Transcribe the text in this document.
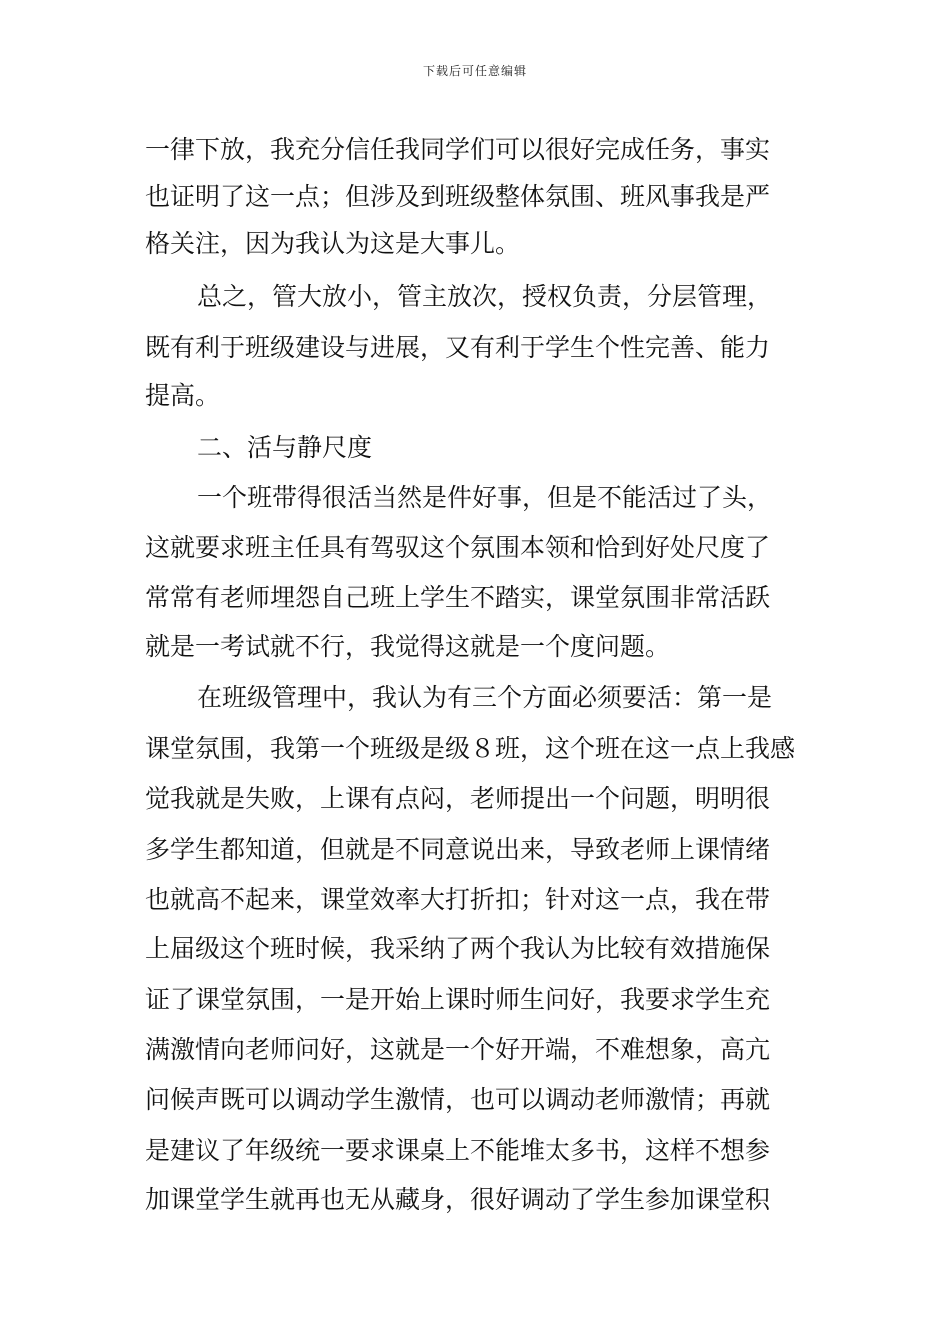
下载后可任意编辑
一律下放，我充分信任我同学们可以很好完成任务，事实
也证明了这一点；但涉及到班级整体氛围、班风事我是严
格关注，因为我认为这是大事儿。
总之，管大放小，管主放次，授权负责，分层管理，
既有利于班级建设与进展，又有利于学生个性完善、能力
提高。
二、活与静尺度
一个班带得很活当然是件好事，但是不能活过了头，
这就要求班主任具有驾驭这个氛围本领和恰到好处尺度了
常常有老师埋怨自己班上学生不踏实，课堂氛围非常活跃
就是一考试就不行，我觉得这就是一个度问题。
在班级管理中，我认为有三个方面必须要活：第一是
课堂氛围，我第一个班级是级８班，这个班在这一点上我感
觉我就是失败，上课有点闷，老师提出一个问题，明明很
多学生都知道，但就是不同意说出来，导致老师上课情绪
也就高不起来，课堂效率大打折扣；针对这一点，我在带
上届级这个班时候，我采纳了两个我认为比较有效措施保
证了课堂氛围，一是开始上课时师生问好，我要求学生充
满激情向老师问好，这就是一个好开端，不难想象，高亢
问候声既可以调动学生激情，也可以调动老师激情；再就
是建议了年级统一要求课桌上不能堆太多书，这样不想参
加课堂学生就再也无从藏身，很好调动了学生参加课堂积
